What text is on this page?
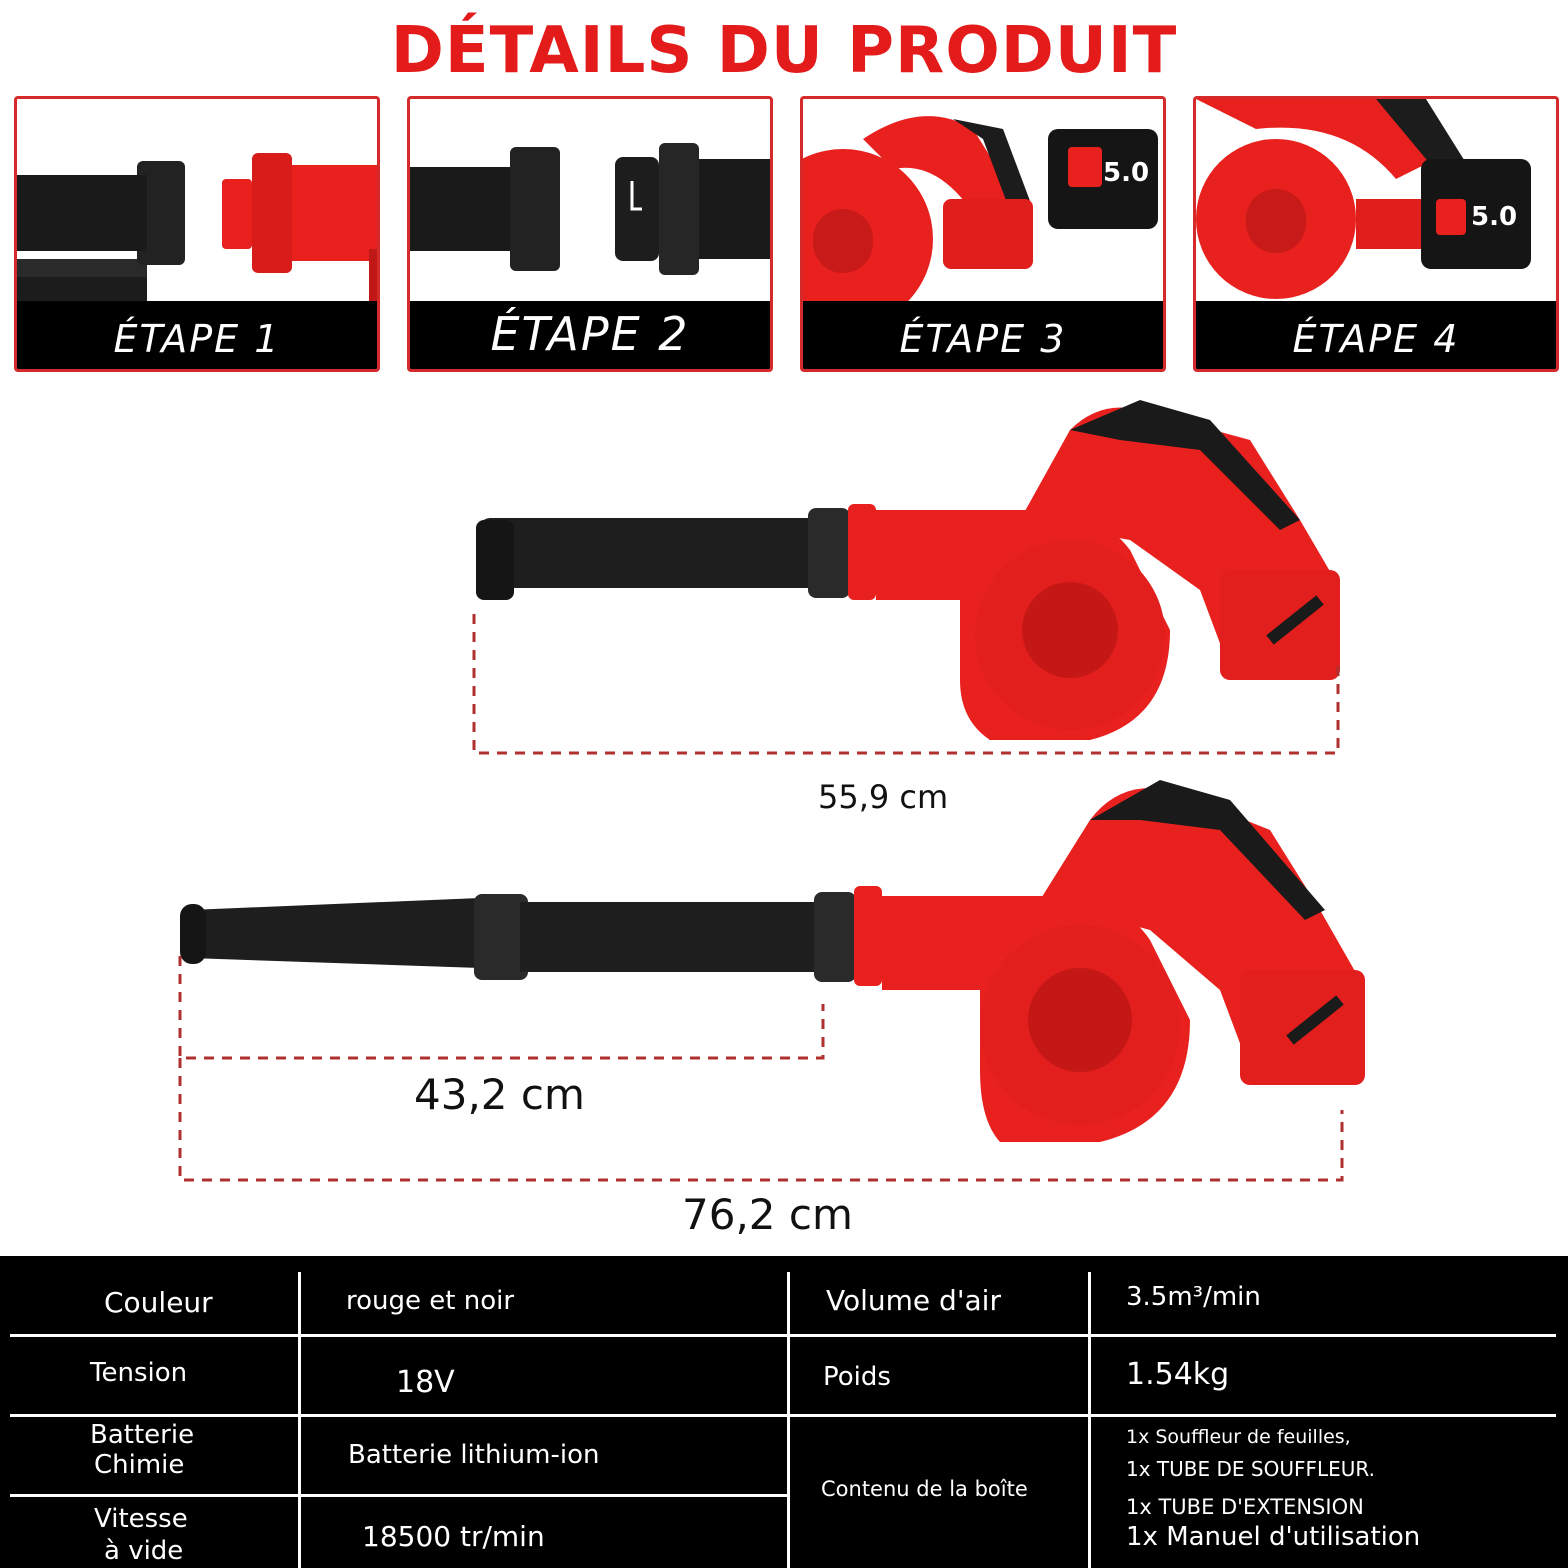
DÉTAILS DU PRODUIT
ÉTAPE 1	ÉTAPE 2
5.0
ÉTAPE 3
5.0
ÉTAPE 4
55,9 cm
43,2 cm
76,2 cm
Couleur	rouge et noir	Volume d'air	3.5m³/min
Tension	18V	Poids	1.54kg
Batterie
Chimie	Batterie lithium-ion
Vitesse
à vide	18500 tr/min
Contenu de la boîte
1x Souffleur de feuilles,
1x TUBE DE SOUFFLEUR.
1x TUBE D'EXTENSION
1x Manuel d'utilisation
